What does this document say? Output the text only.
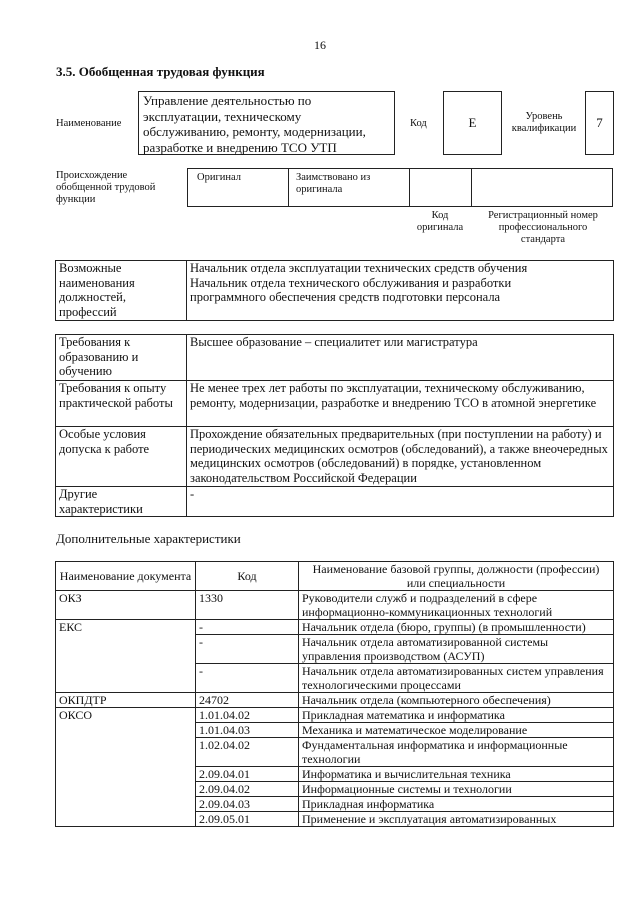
16
3.5. Обобщенная трудовая функция
Наименование
Управление деятельностью по эксплуатации, техническому обслуживанию, ремонту, модернизации, разработке и внедрению ТСО УТП
Код	E	Уровень квалификации	7
Происхождение обобщенной трудовой функции
Оригинал	Заимствовано из оригинала
Код оригинала
Регистрационный номер профессионального стандарта
Возможные наименования должностей, профессий	
Начальник отдела эксплуатации технических средств обучения
Начальник отдела технического обслуживания и разработки
программного обеспечения средств подготовки персонала
Требования к образованию и обучению	Высшее образование – специалитет или магистратура
Требования к опыту практической работы	Не менее трех лет работы по эксплуатации, техническому обслуживанию, ремонту, модернизации, разработке и внедрению ТСО в атомной энергетике
Особые условия допуска к работе	Прохождение обязательных предварительных (при поступлении на работу) и периодических медицинских осмотров (обследований), а также внеочередных медицинских осмотров (обследований) в порядке, установленном законодательством Российской Федерации
Другие характеристики	-
Дополнительные характеристики
Наименование документа	Код	Наименование базовой группы, должности (профессии) или специальности
ОКЗ	1330	Руководители служб и подразделений в сфере информационно-коммуникационных технологий
ЕКС	-	Начальник отдела (бюро, группы) (в промышленности)
	-	Начальник отдела автоматизированной системы управления производством (АСУП)
	-	Начальник отдела автоматизированных систем управления технологическими процессами
ОКПДТР	24702	Начальник отдела (компьютерного обеспечения)
ОКСО	1.01.04.02	Прикладная математика и информатика
	1.01.04.03	Механика и математическое моделирование
	1.02.04.02	Фундаментальная информатика и информационные технологии
	2.09.04.01	Информатика и вычислительная техника
	2.09.04.02	Информационные системы и технологии
	2.09.04.03	Прикладная информатика
	2.09.05.01	Применение и эксплуатация автоматизированных
